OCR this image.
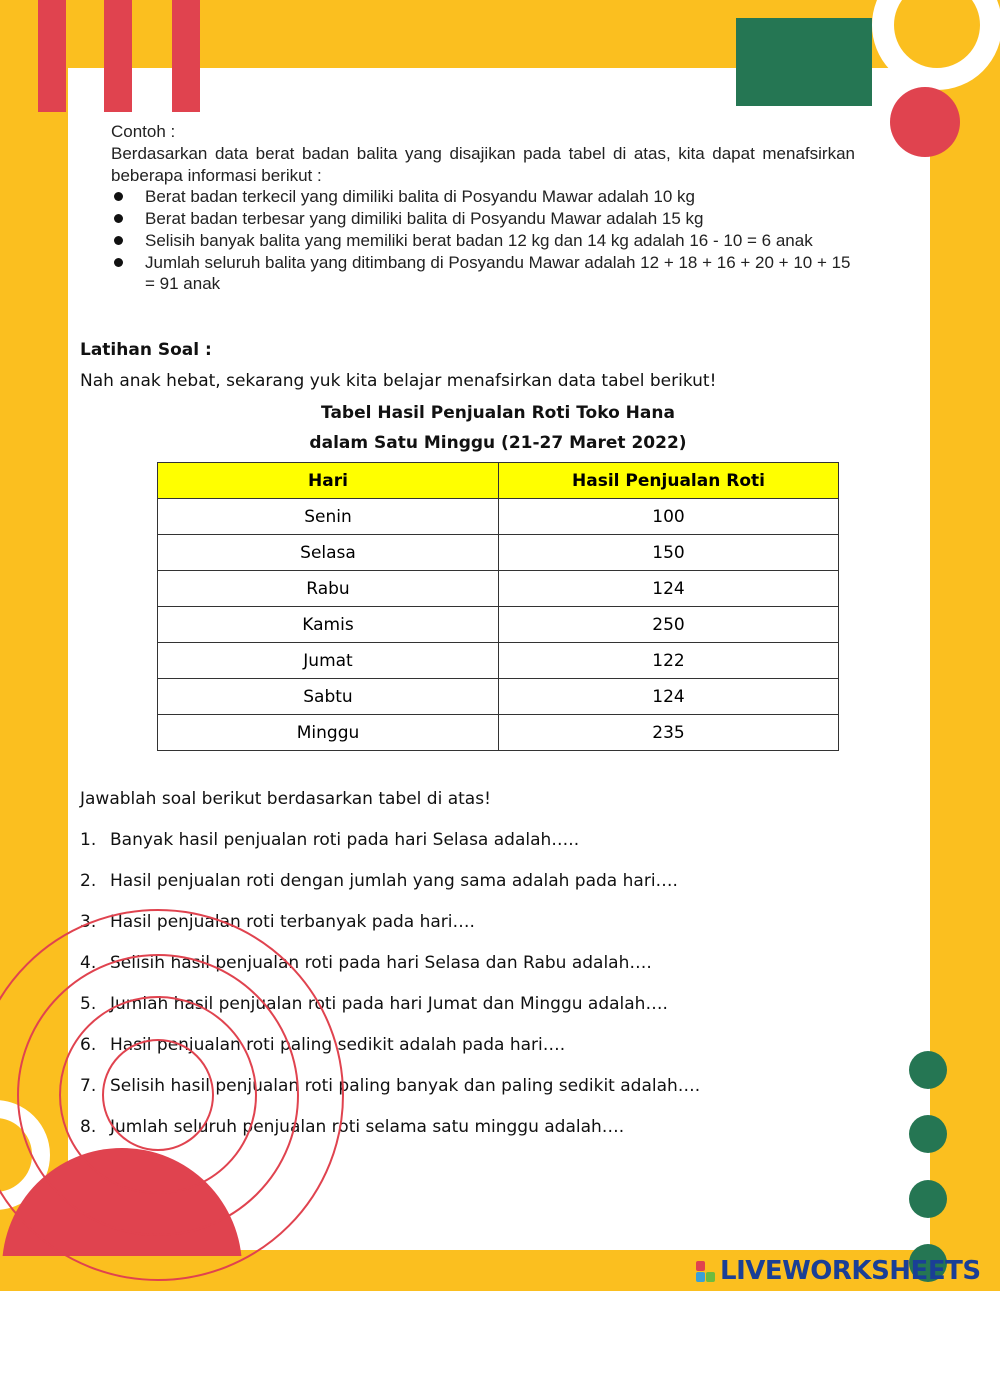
Contoh :

Berdasarkan data berat badan balita yang disajikan pada tabel di atas, kita dapat menafsirkan beberapa informasi berikut :

Berat badan terkecil yang dimiliki balita di Posyandu Mawar adalah 10 kg
Berat badan terbesar yang dimiliki balita di Posyandu Mawar adalah 15 kg
Selisih banyak balita yang memiliki berat badan 12 kg dan 14 kg adalah 16 - 10 = 6 anak
Jumlah seluruh balita yang ditimbang di Posyandu Mawar adalah 12 + 18 + 16 + 20 + 10 + 15 = 91 anak
Latihan Soal :
Nah anak hebat, sekarang yuk kita belajar menafsirkan data tabel berikut!
Tabel Hasil Penjualan Roti Toko Hana
dalam Satu Minggu (21-27 Maret 2022)
Hari	Hasil Penjualan Roti
Senin	100
Selasa	150
Rabu	124
Kamis	250
Jumat	122
Sabtu	124
Minggu	235
Jawablah soal berikut berdasarkan tabel di atas!
1. Banyak hasil penjualan roti pada hari Selasa adalah…..
2. Hasil penjualan roti dengan jumlah yang sama adalah pada hari….
3. Hasil penjualan roti terbanyak pada hari….
4. Selisih hasil penjualan roti pada hari Selasa dan Rabu adalah….
5. Jumlah hasil penjualan roti pada hari Jumat dan Minggu adalah….
6. Hasil penjualan roti paling sedikit adalah pada hari….
7. Selisih hasil penjualan roti paling banyak dan paling sedikit adalah….
8. Jumlah seluruh penjualan roti selama satu minggu adalah….
LIVEWORKSHEETS
